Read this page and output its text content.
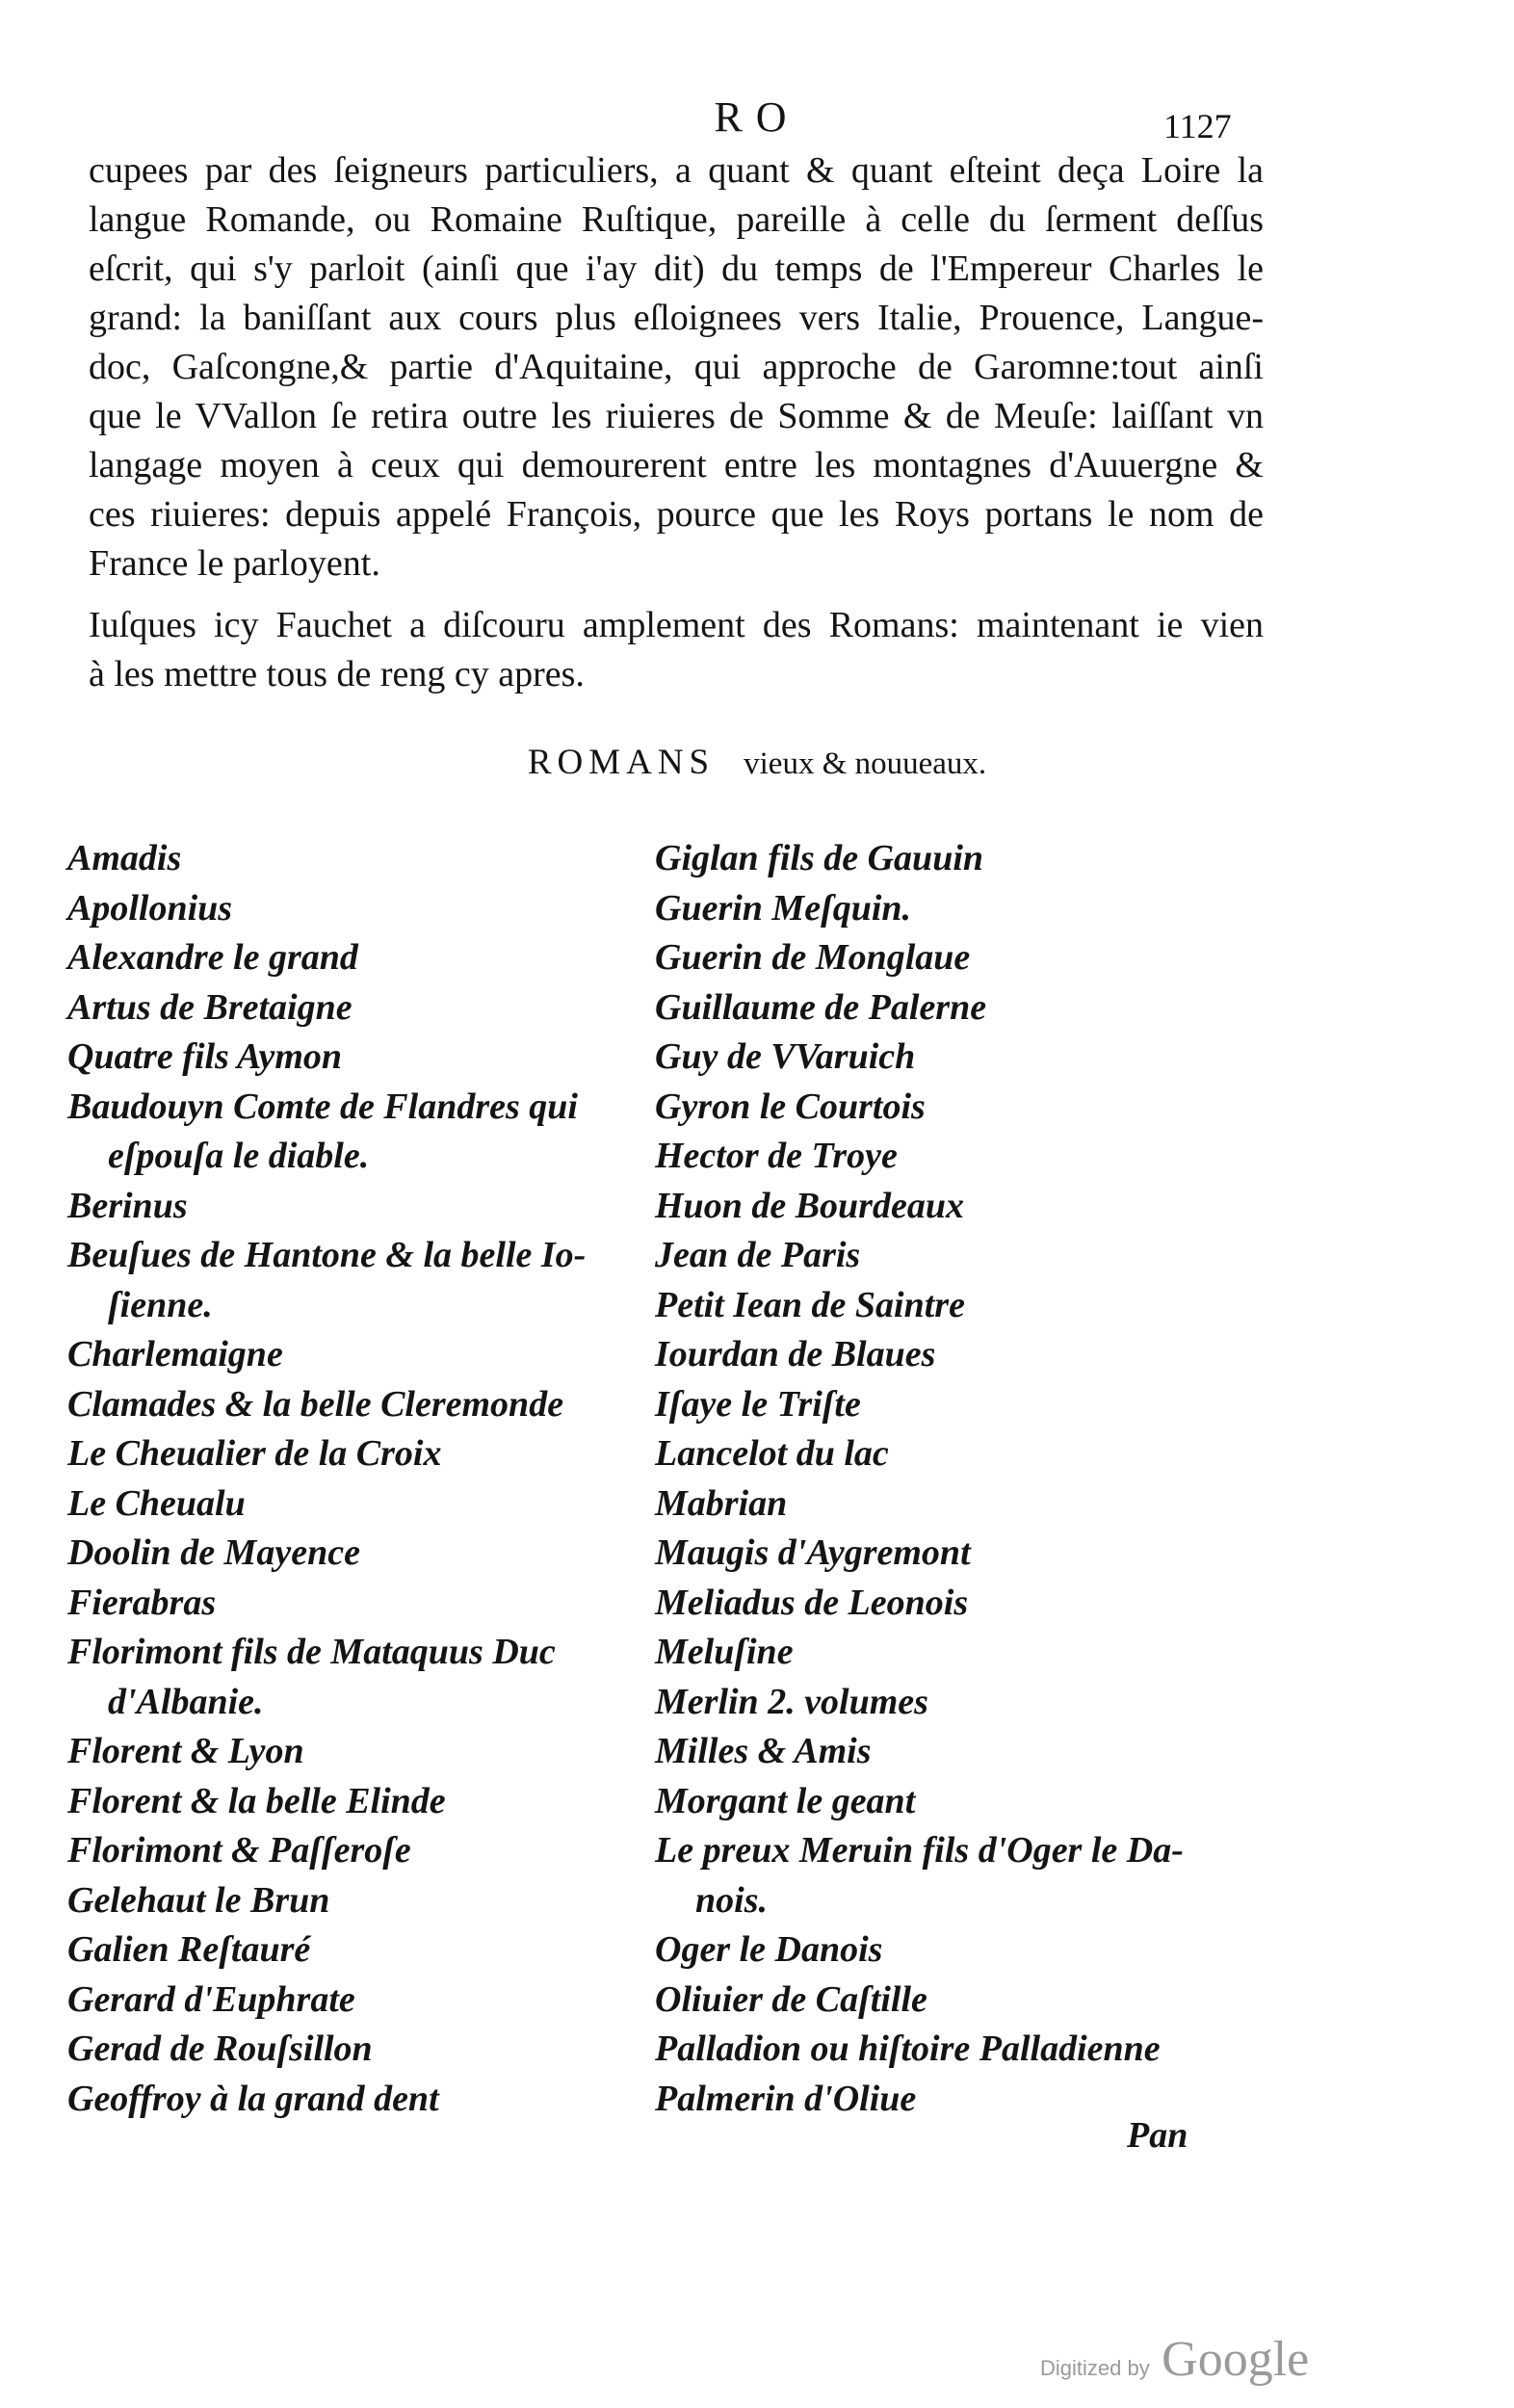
RO	1127
cupees par des ſeigneurs particuliers, a quant & quant eſteint deça Loire la
langue Romande, ou Romaine Ruſtique, pareille à celle du ſerment deſſus
eſcrit, qui s'y parloit (ainſi que i'ay dit) du temps de l'Empereur Charles le
grand: la baniſſant aux cours plus eſloignees vers Italie, Prouence, Langue-
doc, Gaſcongne,& partie d'Aquitaine, qui approche de Garomne:tout ainſi
que le VVallon ſe retira outre les riuieres de Somme & de Meuſe: laiſſant vn
langage moyen à ceux qui demourerent entre les montagnes d'Auuergne &
ces riuieres: depuis appelé François, pource que les Roys portans le nom de
France le parloyent.
Iuſques icy Fauchet a diſcouru amplement des Romans: maintenant ie vien
à les mettre tous de reng cy apres.
ROMANS vieux & nouueaux.
Amadis
Apollonius
Alexandre le grand
Artus de Bretaigne
Quatre fils Aymon
Baudouyn Comte de Flandres qui
eſpouſa le diable.
Berinus
Beuſues de Hantone & la belle Io-
ſienne.
Charlemaigne
Clamades & la belle Cleremonde
Le Cheualier de la Croix
Le Cheualu
Doolin de Mayence
Fierabras
Florimont fils de Mataquus Duc
d'Albanie.
Florent & Lyon
Florent & la belle Elinde
Florimont & Paſſeroſe
Gelehaut le Brun
Galien Reſtauré
Gerard d'Euphrate
Gerad de Rouſsillon
Geoffroy à la grand dent
Giglan fils de Gauuin
Guerin Meſquin.
Guerin de Monglaue
Guillaume de Palerne
Guy de VVaruich
Gyron le Courtois
Hector de Troye
Huon de Bourdeaux
Jean de Paris
Petit Iean de Saintre
Iourdan de Blaues
Iſaye le Triſte
Lancelot du lac
Mabrian
Maugis d'Aygremont
Meliadus de Leonois
Meluſine
Merlin 2. volumes
Milles & Amis
Morgant le geant
Le preux Meruin fils d'Oger le Da-
nois.
Oger le Danois
Oliuier de Caſtille
Palladion ou hiſtoire Palladienne
Palmerin d'Oliue
Pan
Digitized by Google
